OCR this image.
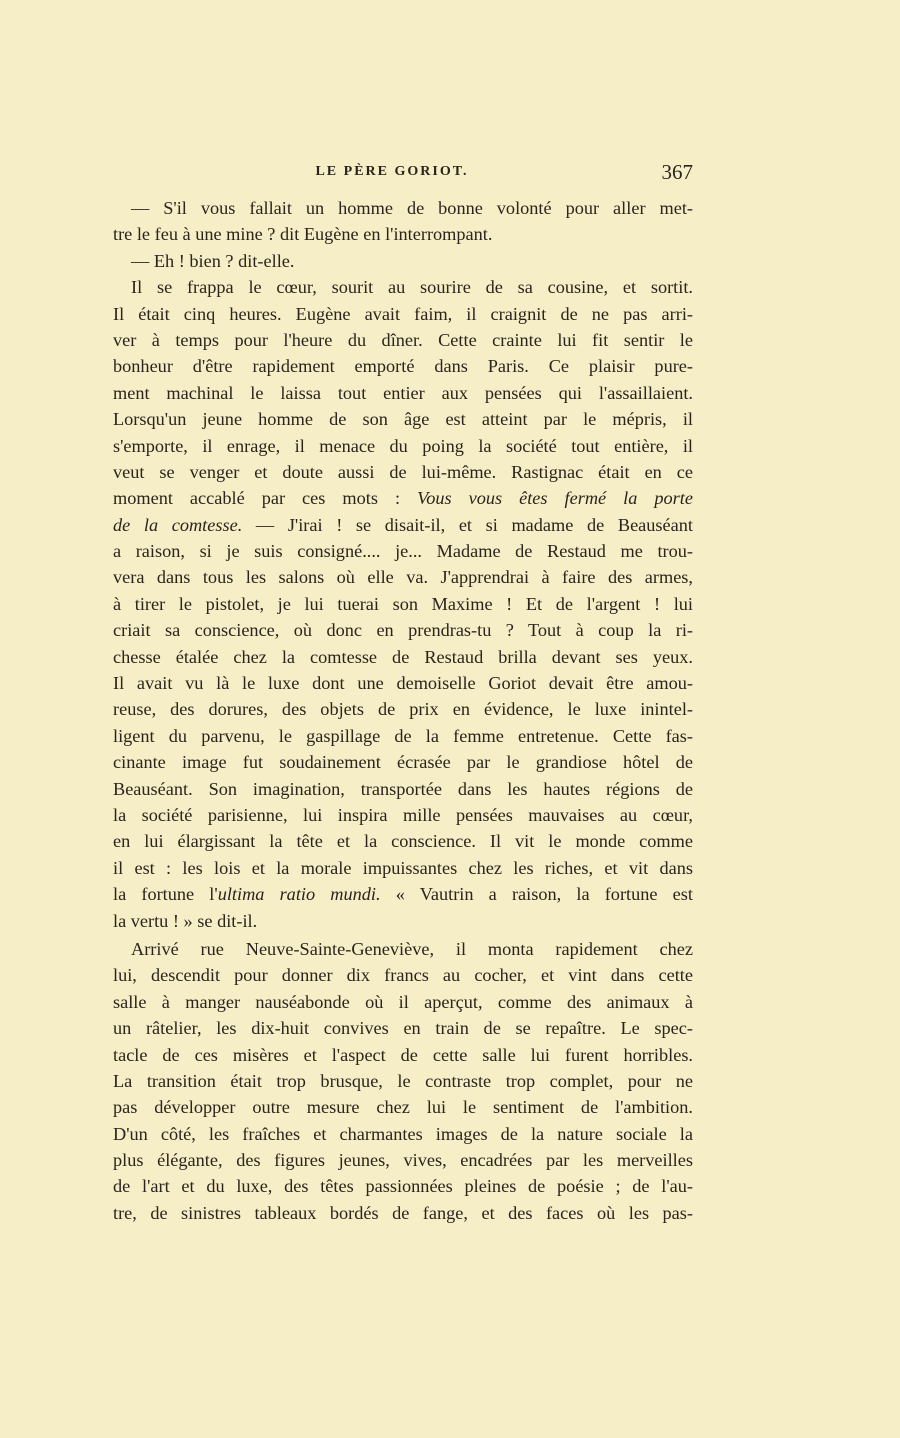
LE PÈRE GORIOT.	367
— S'il vous fallait un homme de bonne volonté pour aller met-
tre le feu à une mine ? dit Eugène en l'interrompant.
— Eh ! bien ? dit-elle.
Il se frappa le cœur, sourit au sourire de sa cousine, et sortit.
Il était cinq heures. Eugène avait faim, il craignit de ne pas arri-
ver à temps pour l'heure du dîner. Cette crainte lui fit sentir le
bonheur d'être rapidement emporté dans Paris. Ce plaisir pure-
ment machinal le laissa tout entier aux pensées qui l'assaillaient.
Lorsqu'un jeune homme de son âge est atteint par le mépris, il
s'emporte, il enrage, il menace du poing la société tout entière, il
veut se venger et doute aussi de lui-même. Rastignac était en ce
moment accablé par ces mots : Vous vous êtes fermé la porte
de la comtesse. — J'irai ! se disait-il, et si madame de Beauséant
a raison, si je suis consigné.... je... Madame de Restaud me trou-
vera dans tous les salons où elle va. J'apprendrai à faire des armes,
à tirer le pistolet, je lui tuerai son Maxime ! Et de l'argent ! lui
criait sa conscience, où donc en prendras-tu ? Tout à coup la ri-
chesse étalée chez la comtesse de Restaud brilla devant ses yeux.
Il avait vu là le luxe dont une demoiselle Goriot devait être amou-
reuse, des dorures, des objets de prix en évidence, le luxe inintel-
ligent du parvenu, le gaspillage de la femme entretenue. Cette fas-
cinante image fut soudainement écrasée par le grandiose hôtel de
Beauséant. Son imagination, transportée dans les hautes régions de
la société parisienne, lui inspira mille pensées mauvaises au cœur,
en lui élargissant la tête et la conscience. Il vit le monde comme
il est : les lois et la morale impuissantes chez les riches, et vit dans
la fortune l'ultima ratio mundi. « Vautrin a raison, la fortune est
la vertu ! » se dit-il.
Arrivé rue Neuve-Sainte-Geneviève, il monta rapidement chez
lui, descendit pour donner dix francs au cocher, et vint dans cette
salle à manger nauséabonde où il aperçut, comme des animaux à
un râtelier, les dix-huit convives en train de se repaître. Le spec-
tacle de ces misères et l'aspect de cette salle lui furent horribles.
La transition était trop brusque, le contraste trop complet, pour ne
pas développer outre mesure chez lui le sentiment de l'ambition.
D'un côté, les fraîches et charmantes images de la nature sociale la
plus élégante, des figures jeunes, vives, encadrées par les merveilles
de l'art et du luxe, des têtes passionnées pleines de poésie ; de l'au-
tre, de sinistres tableaux bordés de fange, et des faces où les pas-
